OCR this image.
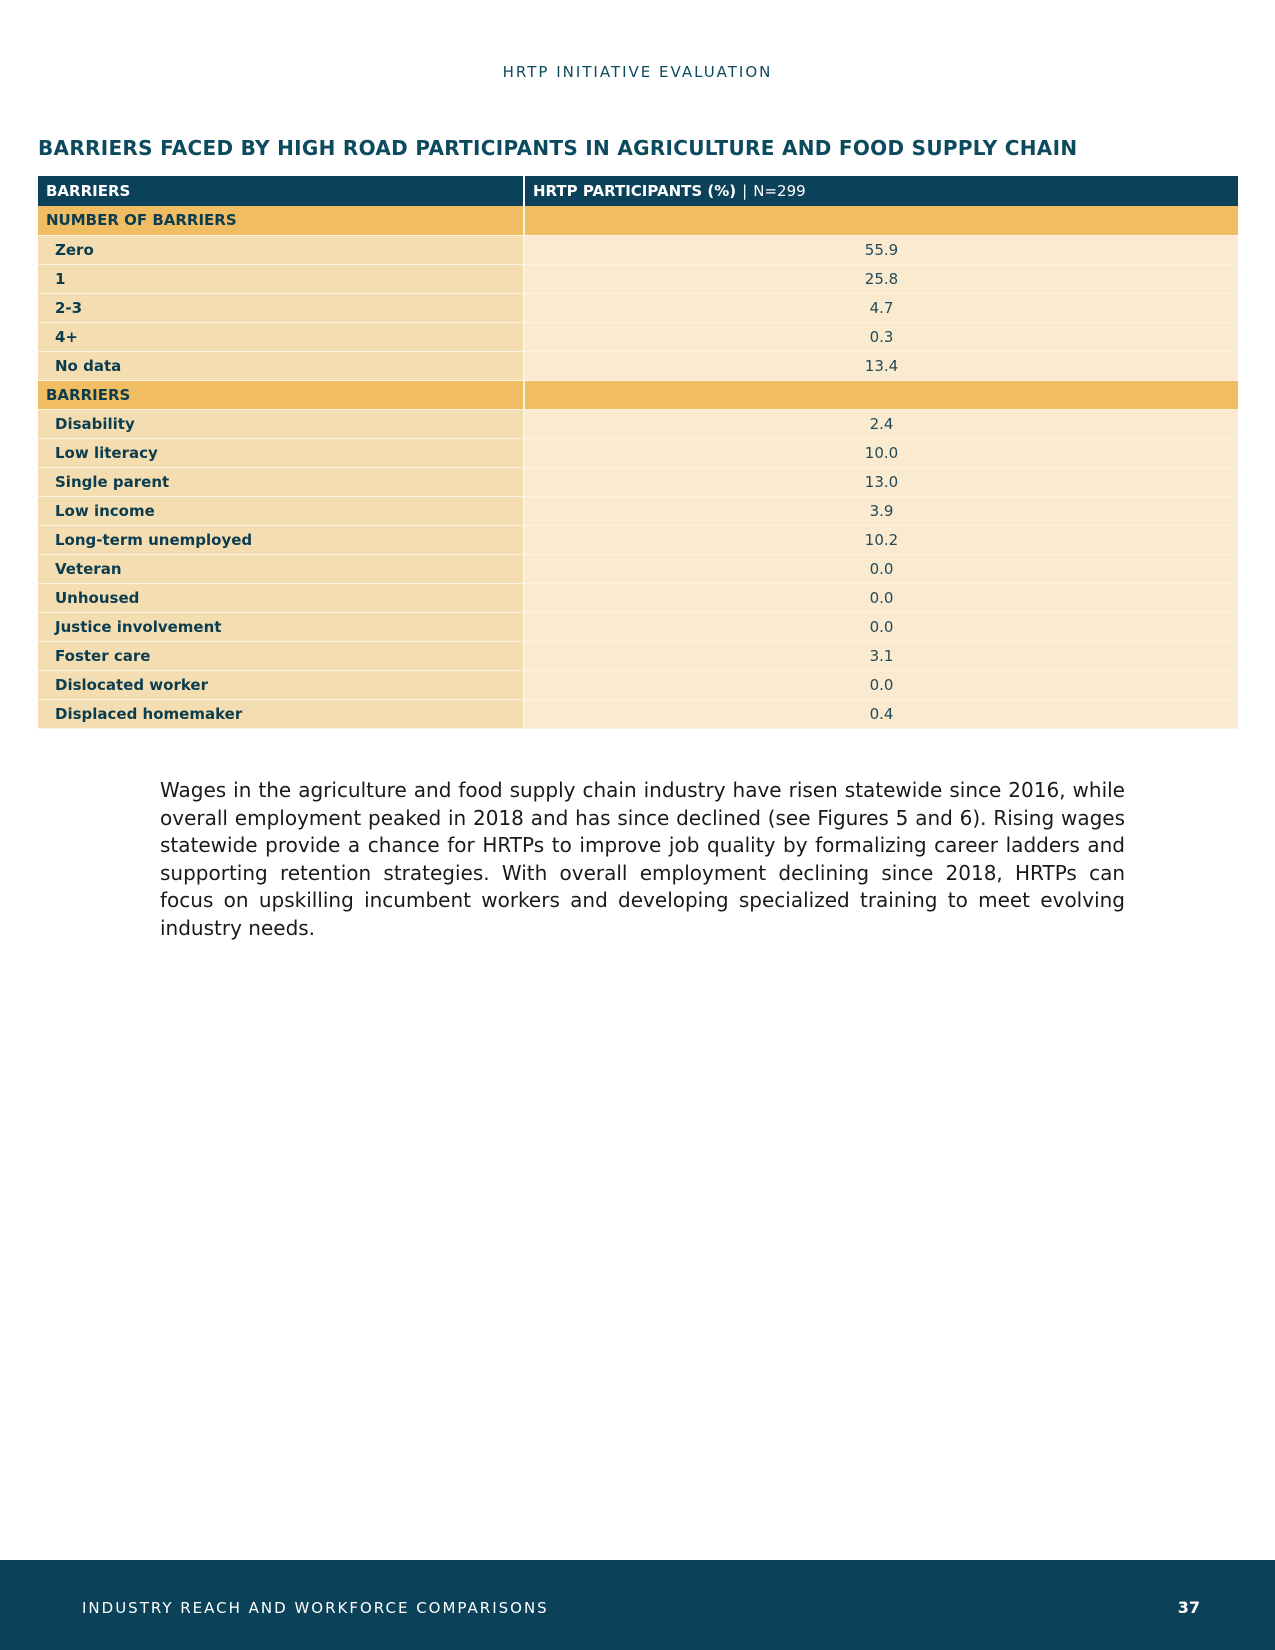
HRTP INITIATIVE EVALUATION
BARRIERS FACED BY HIGH ROAD PARTICIPANTS IN AGRICULTURE AND FOOD SUPPLY CHAIN
BARRIERS	HRTP PARTICIPANTS (%) | N=299
NUMBER OF BARRIERS	
Zero	55.9
1	25.8
2-3	4.7
4+	0.3
No data	13.4
BARRIERS	
Disability	2.4
Low literacy	10.0
Single parent	13.0
Low income	3.9
Long-term unemployed	10.2
Veteran	0.0
Unhoused	0.0
Justice involvement	0.0
Foster care	3.1
Dislocated worker	0.0
Displaced homemaker	0.4
Wages in the agriculture and food supply chain industry have risen statewide since 2016, while overall employment peaked in 2018 and has since declined (see Figures 5 and 6). Rising wages statewide provide a chance for HRTPs to improve job quality by formalizing career ladders and supporting retention strategies. With overall employment declining since 2018, HRTPs can focus on upskilling incumbent workers and developing specialized training to meet evolving industry needs.
INDUSTRY REACH AND WORKFORCE COMPARISONS	37
